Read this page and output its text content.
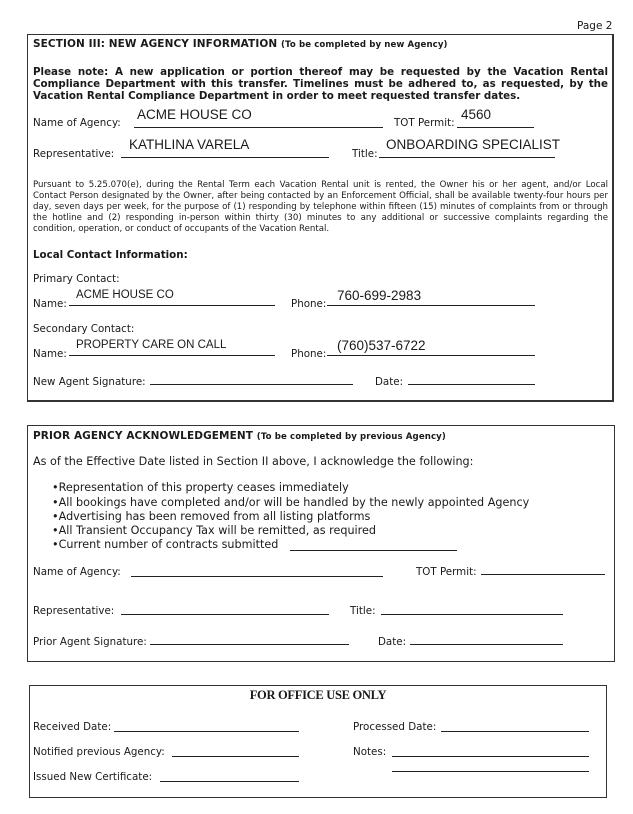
Page 2
SECTION III: NEW AGENCY INFORMATION (To be completed by new Agency)
Please note: A new application or portion thereof may be requested by the Vacation Rental Compliance Department with this transfer. Timelines must be adhered to, as requested, by the Vacation Rental Compliance Department in order to meet requested transfer dates.
Name of Agency:
ACME HOUSE CO
TOT Permit:
4560
Representative:
KATHLINA VARELA
Title:
ONBOARDING SPECIALIST
Pursuant to 5.25.070(e), during the Rental Term each Vacation Rental unit is rented, the Owner his or her agent, and/or Local Contact Person designated by the Owner, after being contacted by an Enforcement Official, shall be available twenty-four hours per day, seven days per week, for the purpose of (1) responding by telephone within fifteen (15) minutes of complaints from or through the hotline and (2) responding in-person within thirty (30) minutes to any additional or successive complaints regarding the condition, operation, or conduct of occupants of the Vacation Rental.
Local Contact Information:
Primary Contact:
Name:
ACME HOUSE CO
Phone:
760-699-2983
Secondary Contact:
Name:
PROPERTY CARE ON CALL
Phone:
(760)537-6722
New Agent Signature:	Date:
PRIOR AGENCY ACKNOWLEDGEMENT (To be completed by previous Agency)
As of the Effective Date listed in Section II above, I acknowledge the following:
•Representation of this property ceases immediately
•All bookings have completed and/or will be handled by the newly appointed Agency
•Advertising has been removed from all listing platforms
•All Transient Occupancy Tax will be remitted, as required
•Current number of contracts submitted
Name of Agency:	TOT Permit:
Representative:	Title:
Prior Agent Signature:	Date:
FOR OFFICE USE ONLY
Received Date:	Processed Date:
Notified previous Agency:	Notes:
Issued New Certificate:
